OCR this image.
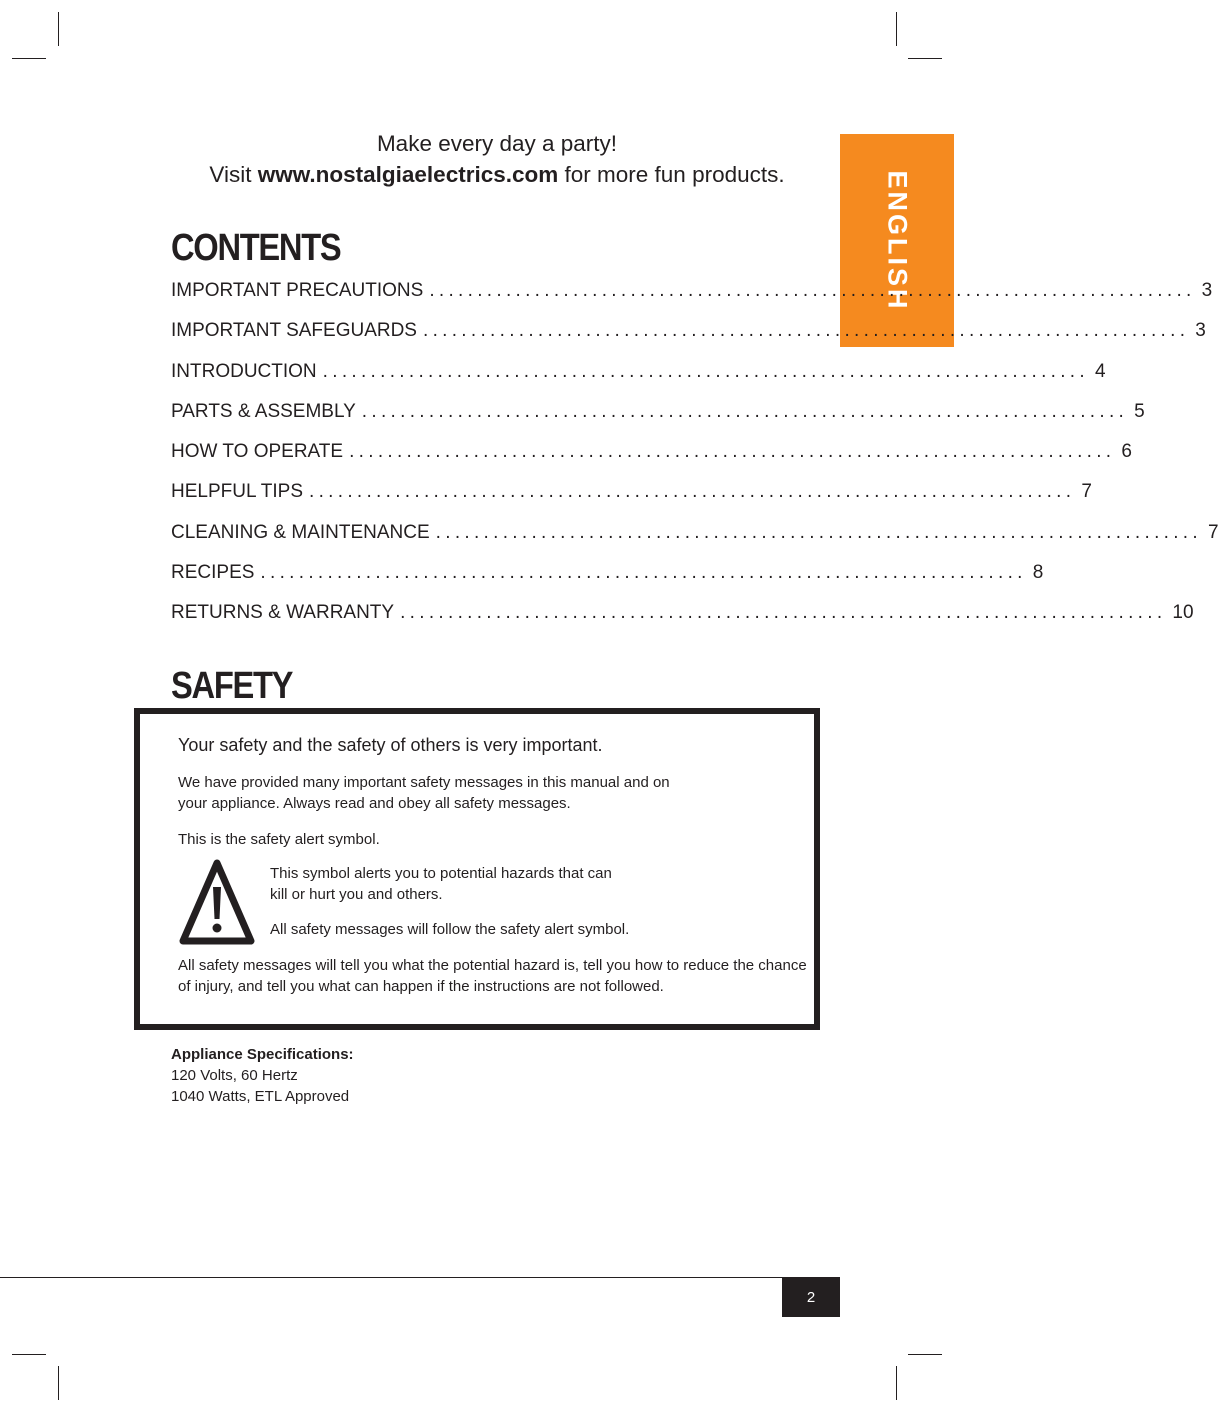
Make every day a party!
Visit www.nostalgiaelectrics.com for more fun products.	ENGLISH
CONTENTS
IMPORTANT PRECAUTIONS ................................................................................ 3
IMPORTANT SAFEGUARDS ................................................................................ 3
INTRODUCTION ................................................................................ 4
PARTS & ASSEMBLY ................................................................................ 5
HOW TO OPERATE ................................................................................ 6
HELPFUL TIPS ................................................................................ 7
CLEANING & MAINTENANCE ................................................................................ 7
RECIPES ................................................................................ 8
RETURNS & WARRANTY ................................................................................ 10
SAFETY
Your safety and the safety of others is very important.
We have provided many important safety messages in this manual and on your appliance. Always read and obey all safety messages.
This is the safety alert symbol.
This symbol alerts you to potential hazards that can kill or hurt you and others.
All safety messages will follow the safety alert symbol.
All safety messages will tell you what the potential hazard is, tell you how to reduce the chance of injury, and tell you what can happen if the instructions are not followed.
Appliance Specifications:
120 Volts, 60 Hertz
1040 Watts, ETL Approved
2
